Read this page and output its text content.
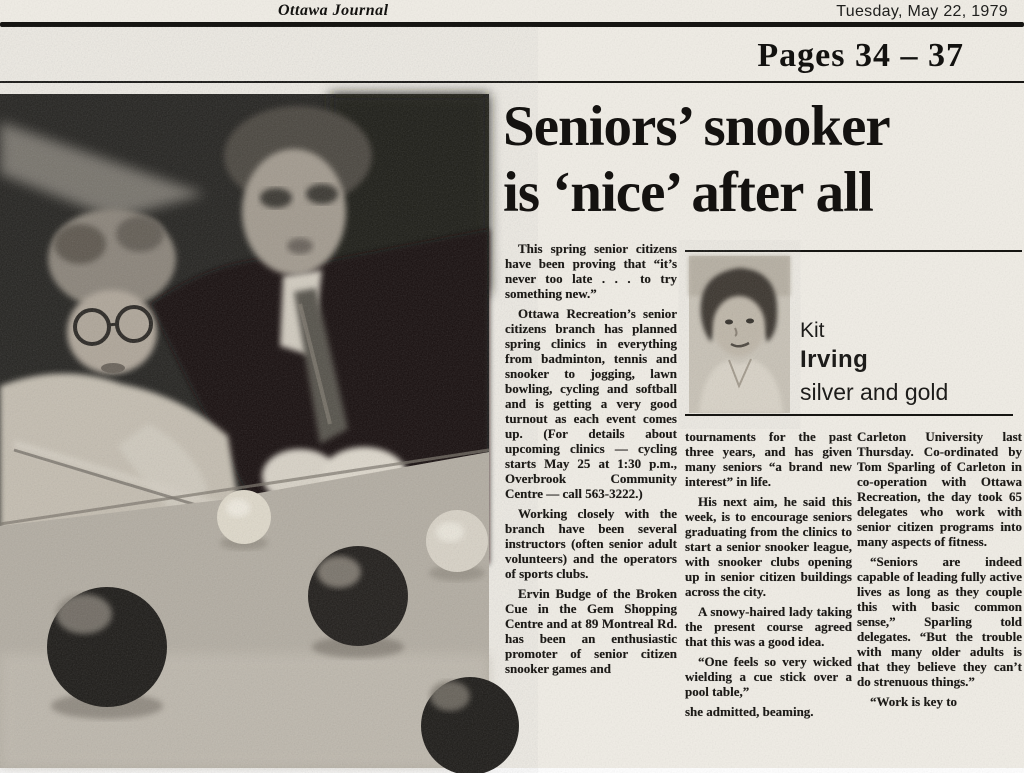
Ottawa Journal	Tuesday, May 22, 1979
Pages 34 – 37
Seniors’ snooker
is ‘nice’ after all

This spring senior citizens have been proving that “it’s never too late . . . to try something new.”

Ottawa Recreation’s senior citizens branch has planned spring clinics in everything from badminton, tennis and snooker to jogging, lawn bowling, cycling and softball and is getting a very good turnout as each event comes up. (For details about upcoming clinics — cycling starts May 25 at 1:30 p.m., Overbrook Community Centre — call 563-3222.)

Working closely with the branch have been several instructors (often senior adult volunteers) and the operators of sports clubs.

Ervin Budge of the Broken Cue in the Gem Shopping Centre and at 89 Montreal Rd. has been an enthusiastic promoter of senior citizen snooker games and

Kit
Irving
silver and gold

tournaments for the past three years, and has given many seniors “a brand new interest” in life.

His next aim, he said this week, is to encourage seniors graduating from the clinics to start a senior snooker league, with snooker clubs opening up in senior citizen buildings across the city.

A snowy-haired lady taking the present course agreed that this was a good idea.

“One feels so very wicked wielding a cue stick over a pool table,”

she admitted, beaming.

Carleton University last Thursday. Co-ordinated by Tom Sparling of Carleton in co-operation with Ottawa Recreation, the day took 65 delegates who work with senior citizen programs into many aspects of fitness.

“Seniors are indeed capable of leading fully active lives as long as they couple this with basic common sense,” Sparling told delegates. “But the trouble with many older adults is that they believe they can’t do strenuous things.”

“Work is key to
